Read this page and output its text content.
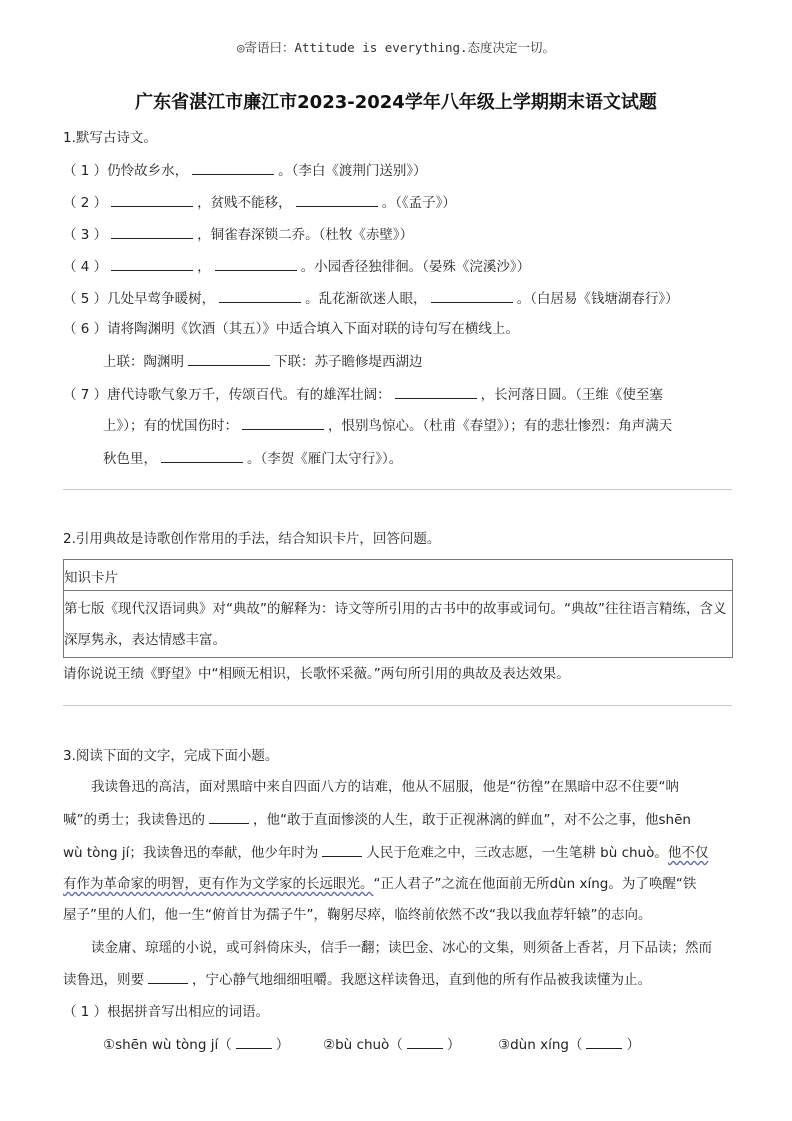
◎寄语曰：Attitude is everything.态度决定一切。
广东省湛江市廉江市2023-2024学年八年级上学期期末语文试题
1.默写古诗文。
（ 1 ）仍怜故乡水，	。（李白《渡荆门送别》）
（ 2 ）	，贫贱不能移，	。（《孟子》）
（ 3 ）	，铜雀春深锁二乔。（杜牧《赤壁》）
（ 4 ）	，	。小园香径独徘徊。（晏殊《浣溪沙》）
（ 5 ）几处早莺争暖树，	。乱花渐欲迷人眼，	。（白居易《钱塘湖春行》）
（ 6 ）请将陶渊明《饮酒（其五）》中适合填入下面对联的诗句写在横线上。
上联：陶渊明	下联：苏子瞻修堤西湖边
（ 7 ）唐代诗歌气象万千，传颂百代。有的雄浑壮阔：	，长河落日圆。（王维《使至塞
上》）；有的忧国伤时：	，恨别鸟惊心。（杜甫《春望》）；有的悲壮惨烈：角声满天
秋色里，	。（李贺《雁门太守行》）。
2.引用典故是诗歌创作常用的手法，结合知识卡片，回答问题。
知识卡片
第七版《现代汉语词典》对“典故”的解释为：诗文等所引用的古书中的故事或词句。“典故”往往语言精练，含义深厚隽永，表达情感丰富。
请你说说王绩《野望》中“相顾无相识，长歌怀采薇。”两句所引用的典故及表达效果。
3.阅读下面的文字，完成下面小题。
我读鲁迅的高洁，面对黑暗中来自四面八方的诘难，他从不屈服，他是“彷徨”在黑暗中忍不住要“呐
喊”的勇士；我读鲁迅的	，他“敢于直面惨淡的人生，敢于正视淋漓的鲜血”，对不公之事，他shēn
wù tòng jí；我读鲁迅的奉献，他少年时为	人民于危难之中，三改志愿，一生笔耕 bù chuò。他不仅
有作为革命家的明智，更有作为文学家的长远眼光。“正人君子”之流在他面前无所dùn xíng。为了唤醒“铁
屋子”里的人们，他一生“俯首甘为孺子牛”，鞠躬尽瘁，临终前依然不改“我以我血荐轩辕”的志向。
读金庸、琼瑶的小说，或可斜倚床头，信手一翻；读巴金、冰心的文集，则须备上香茗，月下品读；然而
读鲁迅，则要	，宁心静气地细细咀嚼。我愿这样读鲁迅，直到他的所有作品被我读懂为止。
（ 1 ）根据拼音写出相应的词语。
①shēn wù tòng jí（	）	②bù chuò（	）	③dùn xíng（	）
